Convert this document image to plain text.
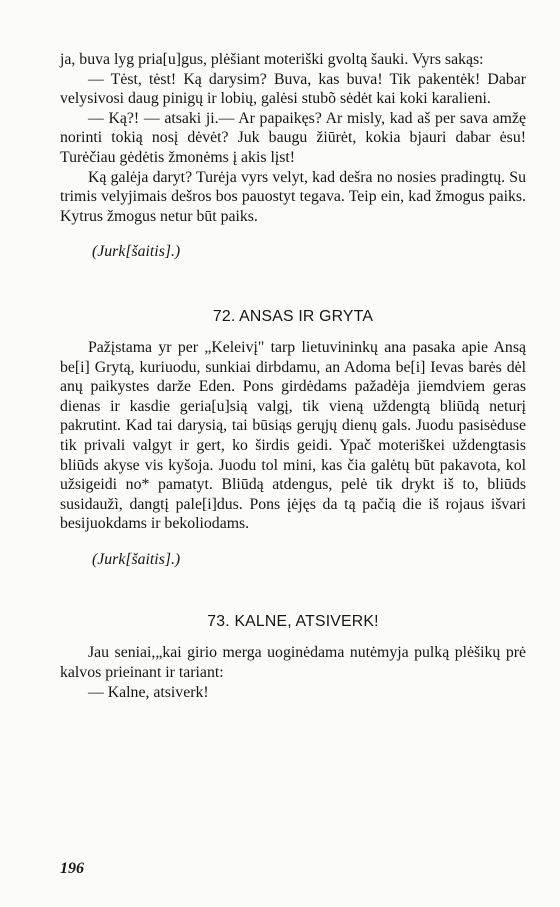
ja, buva lyg pria[u]gus, plėšiant moteriški gvoltą šauki. Vyrs sakąs:

— Tėst, tėst! Ką darysim? Buva, kas buva! Tik pakentėk! Dabar velysivosi daug pinigų ir lobių, galėsi stubõ sėdėt kai koki karalieni.

— Ką?! — atsaki ji.— Ar papaikęs? Ar misly, kad aš per sava amžę norinti tokią nosį dėvėt? Juk baugu žiūrėt, kokia bjauri dabar ėsu! Turėčiau gėdėtis žmonėms į akis lįst!

Ką galėja daryt? Turėja vyrs velyt, kad dešra no nosies pradingtų. Su trimis velyjimais dešros bos pauostyt tegava. Teip ein, kad žmogus paiks. Kytrus žmogus netur būt paiks.

(Jurk[šaitis].)

72. ANSAS IR GRYTA

Pažįstama yr per „Keleivį" tarp lietuvininkų ana pasaka apie Ansą be[i] Grytą, kuriuodu, sunkiai dirbdamu, an Adoma be[i] Ievas barės dėl anų paikystes darže Eden. Pons girdėdams pažadėja jiemdviem geras dienas ir kasdie geria[u]sią valgį, tik vieną uždengtą bliūdą neturį pakrutint. Kad tai darysią, tai būsiąs gerųjų dienų gals. Juodu pasisėduse tik privali valgyt ir gert, ko širdis geidi. Ypač moteriškei uždengtasis bliūds akyse vis kyšoja. Juodu tol mini, kas čia galėtų būt pakavota, kol užsigeidi no* pamatyt. Bliūdą atdengus, pelė tik drykt iš to, bliūds susidaužì, dangtį pale[i]dus. Pons įėjęs da tą pačią die iš rojaus išvari besijuokdams ir bekoliodams.

(Jurk[šaitis].)

73. KALNE, ATSIVERK!

Jau seniai,„kai girio merga uoginėdama nutėmyja pulką plėšikų prė kalvos prieinant ir tariant:

— Kalne, atsiverk!

196
